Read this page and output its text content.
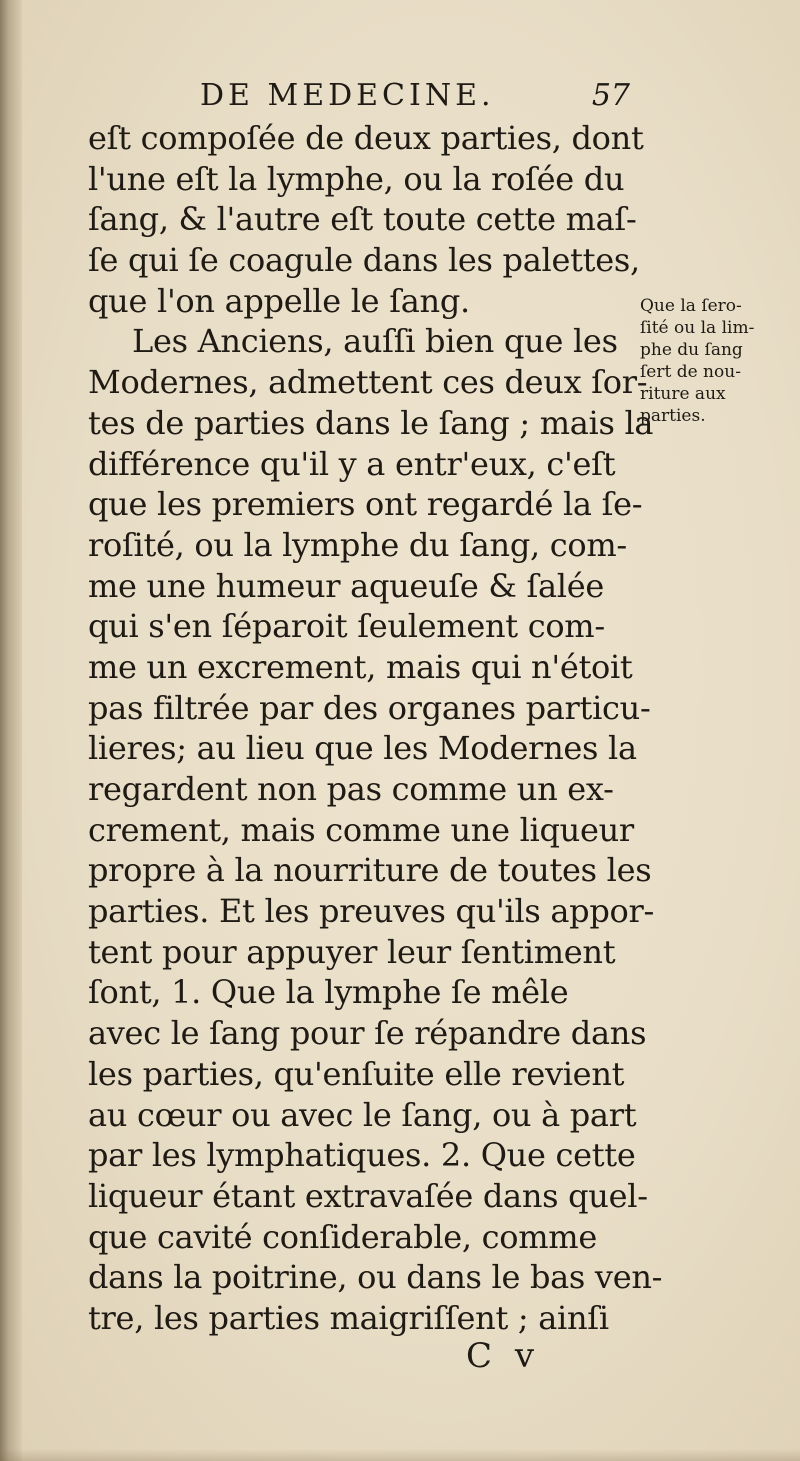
DE MEDECINE.	57
eſt compoſée de deux parties, dont
l'une eſt la lymphe, ou la roſée du
ſang, & l'autre eſt toute cette maſ-
ſe qui ſe coagule dans les palettes,
que l'on appelle le ſang.
Les Anciens, auſſi bien que les
Modernes, admettent ces deux ſor-
tes de parties dans le ſang ; mais la
différence qu'il y a entr'eux, c'eſt
que les premiers ont regardé la ſe-
roſité, ou la lymphe du ſang, com-
me une humeur aqueuſe & ſalée
qui s'en ſéparoit ſeulement com-
me un excrement, mais qui n'étoit
pas filtrée par des organes particu-
lieres; au lieu que les Modernes la
regardent non pas comme un ex-
crement, mais comme une liqueur
propre à la nourriture de toutes les
parties. Et les preuves qu'ils appor-
tent pour appuyer leur ſentiment
ſont, 1. Que la lymphe ſe mêle
avec le ſang pour ſe répandre dans
les parties, qu'enſuite elle revient
au cœur ou avec le ſang, ou à part
par les lymphatiques. 2. Que cette
liqueur étant extravaſée dans quel-
que cavité conſiderable, comme
dans la poitrine, ou dans le bas ven-
tre, les parties maigriſſent ; ainſi
Que la ſero-
ſité ou la lim-
phe du ſang
ſert de nou-
riture aux
parties.
C v
